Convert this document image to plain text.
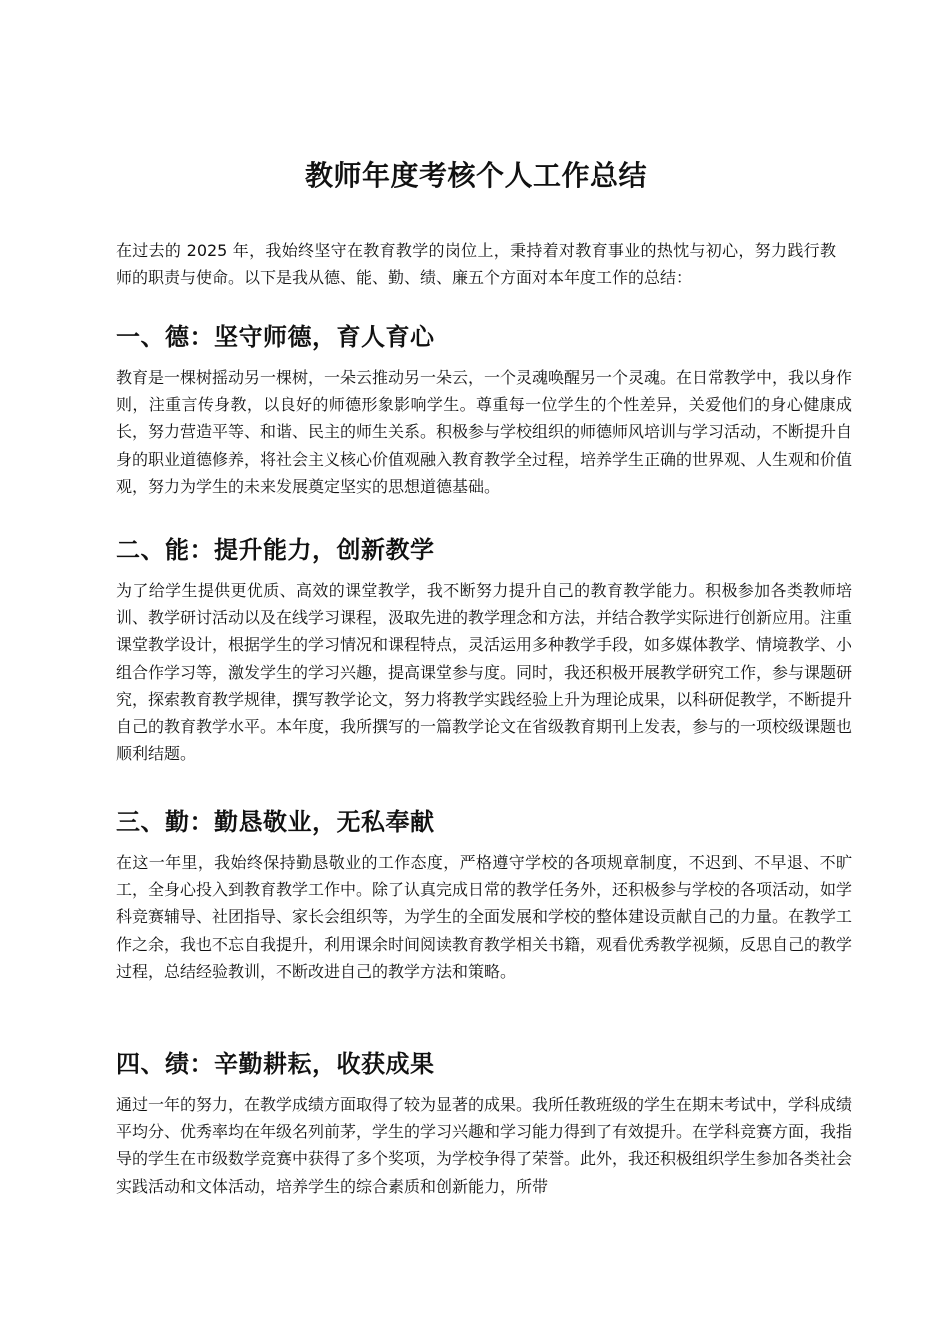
教师年度考核个人工作总结

在过去的 2025 年，我始终坚守在教育教学的岗位上，秉持着对教育事业的热忱与初心，努力践行教师的职责与使命。以下是我从德、能、勤、绩、廉五个方面对本年度工作的总结：

一、德：坚守师德，育人育心

教育是一棵树摇动另一棵树，一朵云推动另一朵云，一个灵魂唤醒另一个灵魂。在日常教学中，我以身作则，注重言传身教，以良好的师德形象影响学生。尊重每一位学生的个性差异，关爱他们的身心健康成长，努力营造平等、和谐、民主的师生关系。积极参与学校组织的师德师风培训与学习活动，不断提升自身的职业道德修养，将社会主义核心价值观融入教育教学全过程，培养学生正确的世界观、人生观和价值观，努力为学生的未来发展奠定坚实的思想道德基础。

二、能：提升能力，创新教学

为了给学生提供更优质、高效的课堂教学，我不断努力提升自己的教育教学能力。积极参加各类教师培训、教学研讨活动以及在线学习课程，汲取先进的教学理念和方法，并结合教学实际进行创新应用。注重课堂教学设计，根据学生的学习情况和课程特点，灵活运用多种教学手段，如多媒体教学、情境教学、小组合作学习等，激发学生的学习兴趣，提高课堂参与度。同时，我还积极开展教学研究工作，参与课题研究，探索教育教学规律，撰写教学论文，努力将教学实践经验上升为理论成果，以科研促教学，不断提升自己的教育教学水平。本年度，我所撰写的一篇教学论文在省级教育期刊上发表，参与的一项校级课题也顺利结题。

三、勤：勤恳敬业，无私奉献

在这一年里，我始终保持勤恳敬业的工作态度，严格遵守学校的各项规章制度，不迟到、不早退、不旷工，全身心投入到教育教学工作中。除了认真完成日常的教学任务外，还积极参与学校的各项活动，如学科竞赛辅导、社团指导、家长会组织等，为学生的全面发展和学校的整体建设贡献自己的力量。在教学工作之余，我也不忘自我提升，利用课余时间阅读教育教学相关书籍，观看优秀教学视频，反思自己的教学过程，总结经验教训，不断改进自己的教学方法和策略。

四、绩：辛勤耕耘，收获成果

通过一年的努力，在教学成绩方面取得了较为显著的成果。我所任教班级的学生在期末考试中，学科成绩平均分、优秀率均在年级名列前茅，学生的学习兴趣和学习能力得到了有效提升。在学科竞赛方面，我指导的学生在市级数学竞赛中获得了多个奖项，为学校争得了荣誉。此外，我还积极组织学生参加各类社会实践活动和文体活动，培养学生的综合素质和创新能力，所带
